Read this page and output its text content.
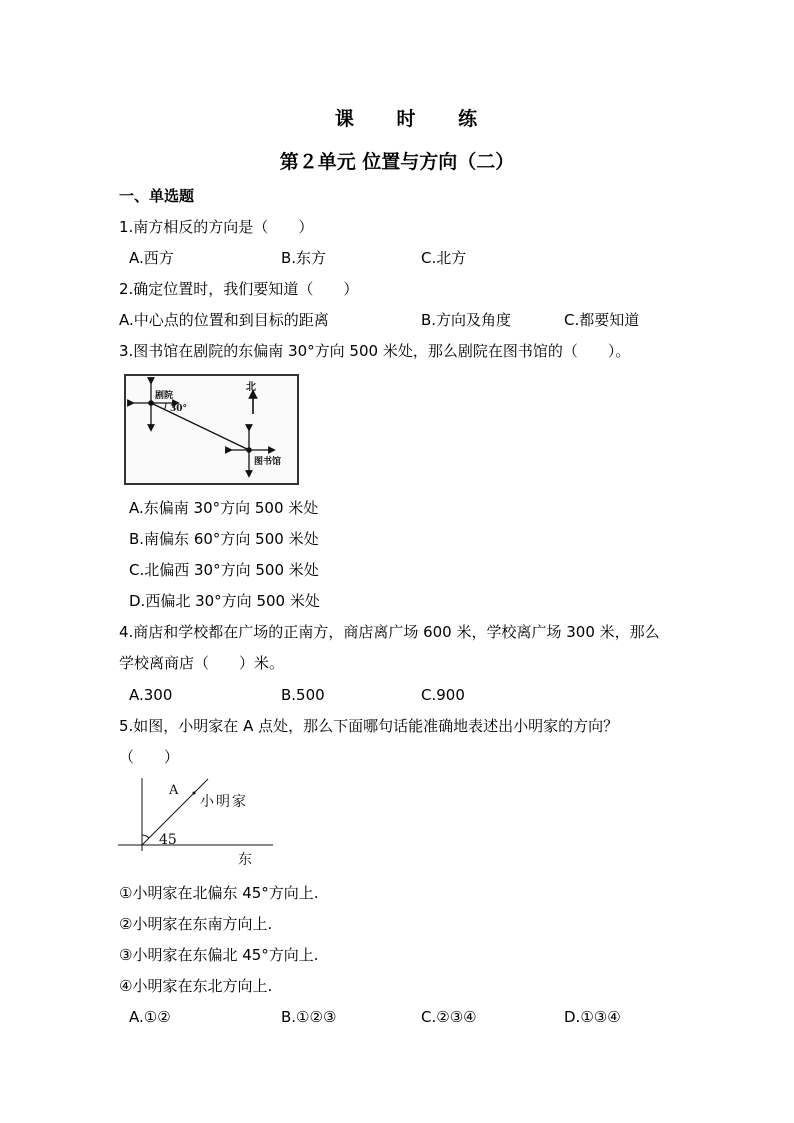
课 时 练
第２单元 位置与方向（二）
一、单选题
1.南方相反的方向是（　　）
A.西方	B.东方	C.北方
2.确定位置时，我们要知道（　　）
A.中心点的位置和到目标的距离	B.方向及角度	C.都要知道
3.图书馆在剧院的东偏南 30°方向 500 米处，那么剧院在图书馆的（　　）。
北
剧院
30°
图书馆
A.东偏南 30°方向 500 米处
B.南偏东 60°方向 500 米处
C.北偏西 30°方向 500 米处
D.西偏北 30°方向 500 米处
4.商店和学校都在广场的正南方，商店离广场 600 米，学校离广场 300 米，那么
学校离商店（　　）米。
A.300	B.500	C.900
5.如图，小明家在 A 点处，那么下面哪句话能准确地表述出小明家的方向？
（　　）
A
小明家
45
东
①小明家在北偏东 45°方向上.
②小明家在东南方向上.
③小明家在东偏北 45°方向上.
④小明家在东北方向上.
A.①②	B.①②③	C.②③④	D.①③④
